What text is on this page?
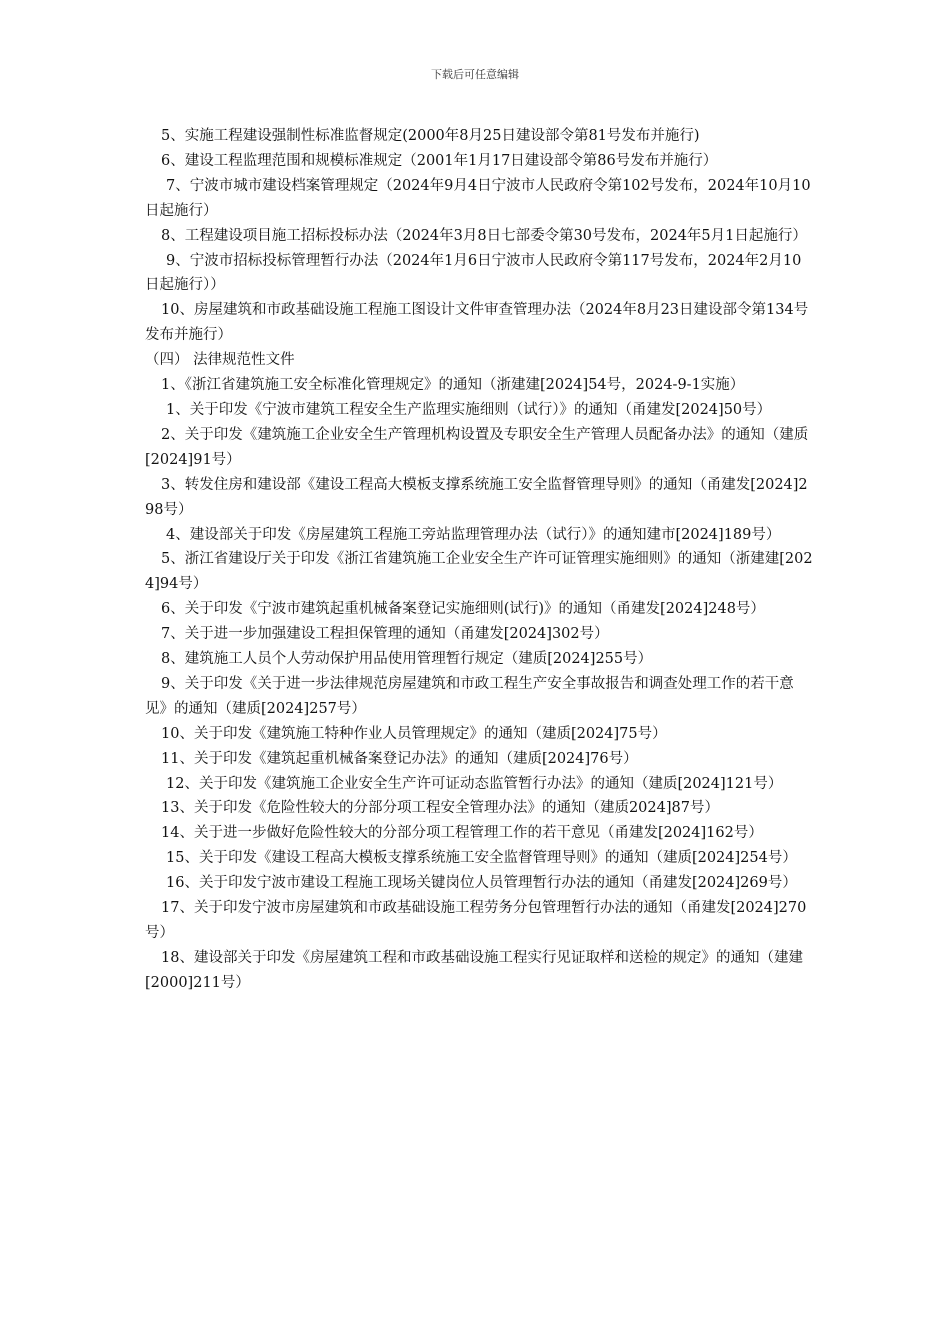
下载后可任意编辑

5、实施工程建设强制性标准监督规定(2000年8月25日建设部令第81号发布并施行)

6、建设工程监理范围和规模标准规定（2001年1月17日建设部令第86号发布并施行）

7、宁波市城市建设档案管理规定（2024年9月4日宁波市人民政府令第102号发布，2024年10月10日起施行）

8、工程建设项目施工招标投标办法（2024年3月8日七部委令第30号发布，2024年5月1日起施行）

9、宁波市招标投标管理暂行办法（2024年1月6日宁波市人民政府令第117号发布，2024年2月10日起施行））

10、房屋建筑和市政基础设施工程施工图设计文件审查管理办法（2024年8月23日建设部令第134号发布并施行）

（四） 法律规范性文件

1、《浙江省建筑施工安全标准化管理规定》的通知（浙建建[2024]54号，2024-9-1实施）

1、关于印发《宁波市建筑工程安全生产监理实施细则（试行）》的通知（甬建发[2024]50号）

2、关于印发《建筑施工企业安全生产管理机构设置及专职安全生产管理人员配备办法》的通知（建质[2024]91号）

3、转发住房和建设部《建设工程高大模板支撑系统施工安全监督管理导则》的通知（甬建发[2024]298号）

4、建设部关于印发《房屋建筑工程施工旁站监理管理办法（试行）》的通知建市[2024]189号）

5、浙江省建设厅关于印发《浙江省建筑施工企业安全生产许可证管理实施细则》的通知（浙建建[2024]94号）

6、关于印发《宁波市建筑起重机械备案登记实施细则(试行)》的通知（甬建发[2024]248号）

7、关于进一步加强建设工程担保管理的通知（甬建发[2024]302号）

8、建筑施工人员个人劳动保护用品使用管理暂行规定（建质[2024]255号）

9、关于印发《关于进一步法律规范房屋建筑和市政工程生产安全事故报告和调查处理工作的若干意见》的通知（建质[2024]257号）

10、关于印发《建筑施工特种作业人员管理规定》的通知（建质[2024]75号）

11、关于印发《建筑起重机械备案登记办法》的通知（建质[2024]76号）

12、关于印发《建筑施工企业安全生产许可证动态监管暂行办法》的通知（建质[2024]121号）

13、关于印发《危险性较大的分部分项工程安全管理办法》的通知（建质2024]87号）

14、关于进一步做好危险性较大的分部分项工程管理工作的若干意见（甬建发[2024]162号）

15、关于印发《建设工程高大模板支撑系统施工安全监督管理导则》的通知（建质[2024]254号）

16、关于印发宁波市建设工程施工现场关键岗位人员管理暂行办法的通知（甬建发[2024]269号）

17、关于印发宁波市房屋建筑和市政基础设施工程劳务分包管理暂行办法的通知（甬建发[2024]270号）

18、建设部关于印发《房屋建筑工程和市政基础设施工程实行见证取样和送检的规定》的通知（建建[2000]211号）
